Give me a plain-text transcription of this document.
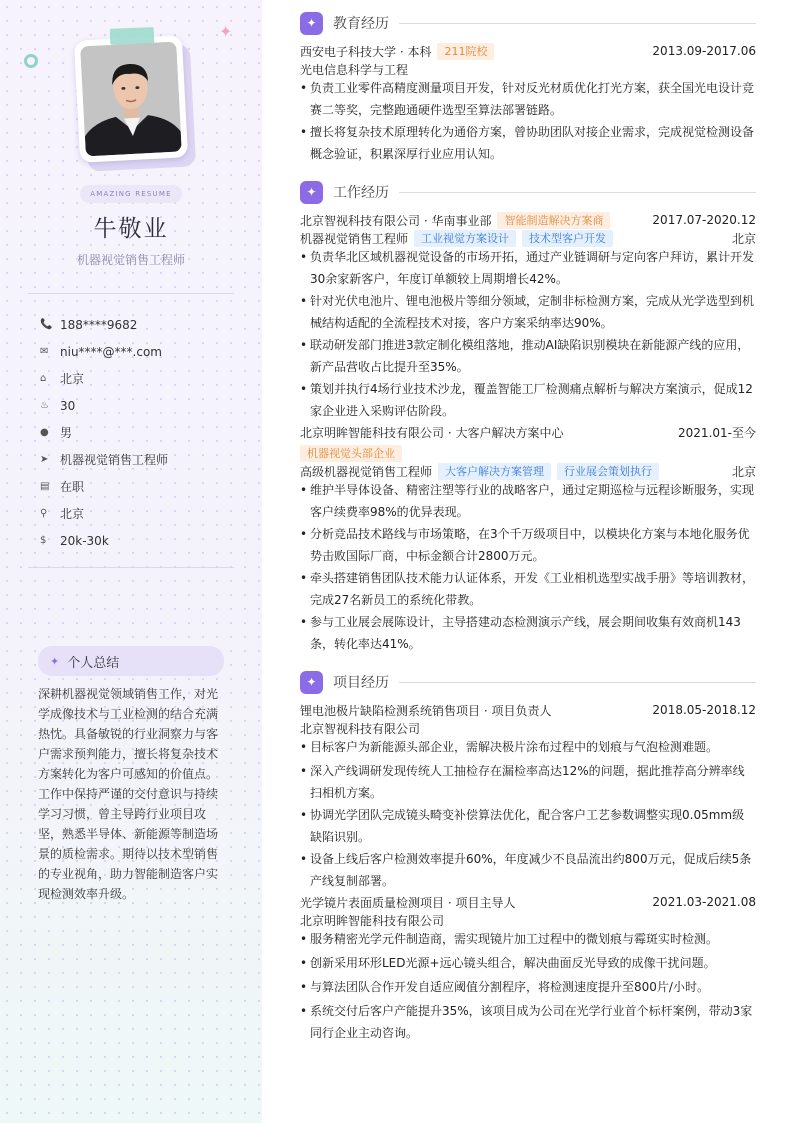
✦
AMAZING RESUME
牛敬业
机器视觉销售工程师
📞 188****9682
✉ niu****@***.com
⌂	北京
♨ 30
● 男
➤ 机器视觉销售工程师
▤ 在职
⚲	北京
$	20k-30k
✦ 个人总结
深耕机器视觉领域销售工作，对光学成像技术与工业检测的结合充满热忱。具备敏锐的行业洞察力与客户需求预判能力，擅长将复杂技术方案转化为客户可感知的价值点。工作中保持严谨的交付意识与持续学习习惯，曾主导跨行业项目攻坚，熟悉半导体、新能源等制造场景的质检需求。期待以技术型销售的专业视角，助力智能制造客户实现检测效率升级。
✦	教育经历
西安电子科技大学 · 本科	211院校	2013.09-2017.06
光电信息科学与工程
• 负责工业零件高精度测量项目开发，针对反光材质优化打光方案，获全国光电设计竞赛二等奖，完整跑通硬件选型至算法部署链路。
• 擅长将复杂技术原理转化为通俗方案，曾协助团队对接企业需求，完成视觉检测设备概念验证，积累深厚行业应用认知。
✦	工作经历
北京智视科技有限公司 · 华南事业部	智能制造解决方案商	2017.07-2020.12
机器视觉销售工程师	工业视觉方案设计	技术型客户开发	北京
• 负责华北区域机器视觉设备的市场开拓，通过产业链调研与定向客户拜访，累计开发30余家新客户，年度订单额较上周期增长42%。
• 针对光伏电池片、锂电池极片等细分领域，定制非标检测方案，完成从光学选型到机械结构适配的全流程技术对接，客户方案采纳率达90%。
• 联动研发部门推进3款定制化模组落地，推动AI缺陷识别模块在新能源产线的应用，新产品营收占比提升至35%。
• 策划并执行4场行业技术沙龙，覆盖智能工厂检测痛点解析与解决方案演示，促成12家企业进入采购评估阶段。
北京明眸智能科技有限公司 · 大客户解决方案中心	2021.01-至今
机器视觉头部企业
高级机器视觉销售工程师	大客户解决方案管理	行业展会策划执行	北京
• 维护半导体设备、精密注塑等行业的战略客户，通过定期巡检与远程诊断服务，实现客户续费率98%的优异表现。
• 分析竞品技术路线与市场策略，在3个千万级项目中，以模块化方案与本地化服务优势击败国际厂商，中标金额合计2800万元。
• 牵头搭建销售团队技术能力认证体系，开发《工业相机选型实战手册》等培训教材，完成27名新员工的系统化带教。
• 参与工业展会展陈设计，主导搭建动态检测演示产线，展会期间收集有效商机143条，转化率达41%。
✦	项目经历
锂电池极片缺陷检测系统销售项目 · 项目负责人	2018.05-2018.12
北京智视科技有限公司
• 目标客户为新能源头部企业，需解决极片涂布过程中的划痕与气泡检测难题。
• 深入产线调研发现传统人工抽检存在漏检率高达12%的问题，据此推荐高分辨率线扫相机方案。
• 协调光学团队完成镜头畸变补偿算法优化，配合客户工艺参数调整实现0.05mm级缺陷识别。
• 设备上线后客户检测效率提升60%，年度减少不良品流出约800万元，促成后续5条产线复制部署。
光学镜片表面质量检测项目 · 项目主导人	2021.03-2021.08
北京明眸智能科技有限公司
• 服务精密光学元件制造商，需实现镜片加工过程中的微划痕与霉斑实时检测。
• 创新采用环形LED光源+远心镜头组合，解决曲面反光导致的成像干扰问题。
• 与算法团队合作开发自适应阈值分割程序，将检测速度提升至800片/小时。
• 系统交付后客户产能提升35%，该项目成为公司在光学行业首个标杆案例，带动3家同行企业主动咨询。
